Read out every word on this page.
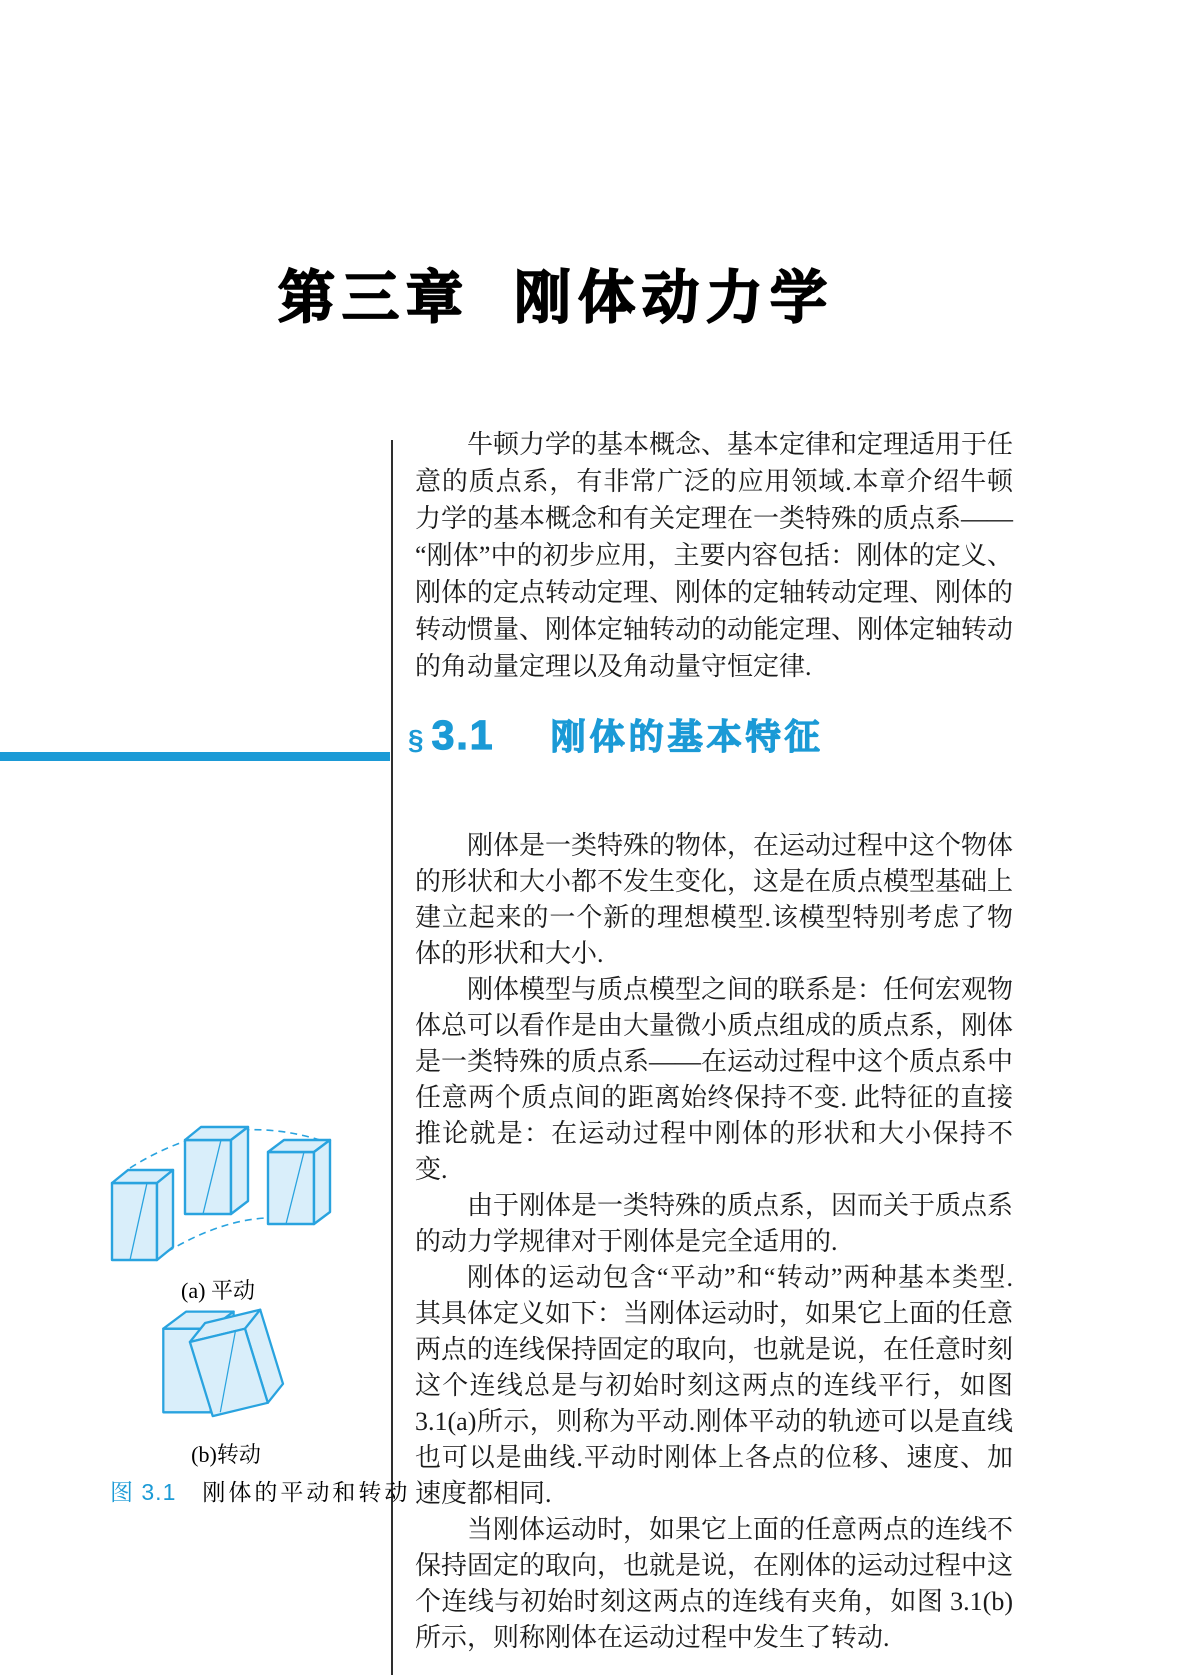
第三章 刚体动力学

牛顿力学的基本概念、基本定律和定理适用于任意的质点系，有非常广泛的应用领域.本章介绍牛顿力学的基本概念和有关定理在一类特殊的质点系——“刚体”中的初步应用，主要内容包括：刚体的定义、刚体的定点转动定理、刚体的定轴转动定理、刚体的转动惯量、刚体定轴转动的动能定理、刚体定轴转动的角动量定理以及角动量守恒定律.

§ 3.1 刚体的基本特征

刚体是一类特殊的物体，在运动过程中这个物体的形状和大小都不发生变化，这是在质点模型基础上建立起来的一个新的理想模型.该模型特别考虑了物体的形状和大小.

刚体模型与质点模型之间的联系是：任何宏观物体总可以看作是由大量微小质点组成的质点系，刚体是一类特殊的质点系——在运动过程中这个质点系中任意两个质点间的距离始终保持不变. 此特征的直接推论就是：在运动过程中刚体的形状和大小保持不变.

由于刚体是一类特殊的质点系，因而关于质点系的动力学规律对于刚体是完全适用的.

刚体的运动包含“平动”和“转动”两种基本类型.其具体定义如下：当刚体运动时，如果它上面的任意两点的连线保持固定的取向，也就是说，在任意时刻这个连线总是与初始时刻这两点的连线平行，如图 3.1(a)所示，则称为平动.刚体平动的轨迹可以是直线也可以是曲线.平动时刚体上各点的位移、速度、加速度都相同.

当刚体运动时，如果它上面的任意两点的连线不保持固定的取向，也就是说，在刚体的运动过程中这个连线与初始时刻这两点的连线有夹角，如图 3.1(b)所示，则称刚体在运动过程中发生了转动.

(a) 平动
(b)转动
图 3.1 刚体的平动和转动
